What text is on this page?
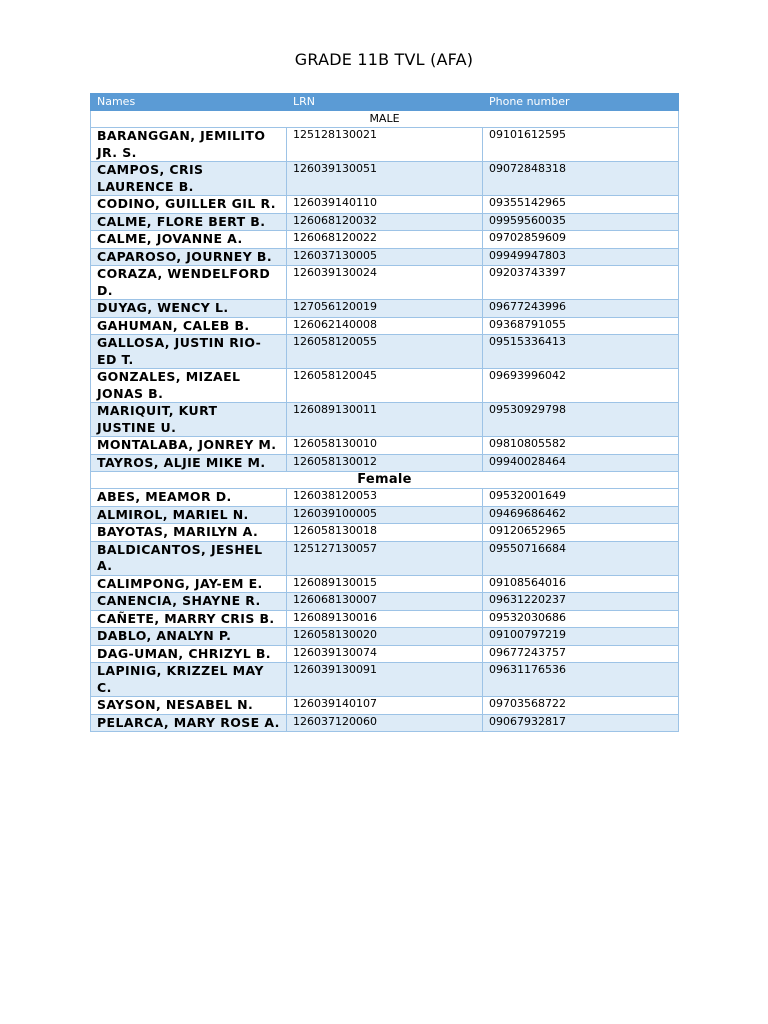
GRADE 11B TVL (AFA)
Names	LRN	Phone number
MALE		
BARANGGAN, JEMILITO JR. S.	125128130021	09101612595
CAMPOS, CRIS LAURENCE B.	126039130051	09072848318
CODINO, GUILLER GIL R.	126039140110	09355142965
CALME, FLORE BERT B.	126068120032	09959560035
CALME, JOVANNE A.	126068120022	09702859609
CAPAROSO, JOURNEY B.	126037130005	09949947803
CORAZA, WENDELFORD D.	126039130024	09203743397
DUYAG, WENCY L.	127056120019	09677243996
GAHUMAN, CALEB B.	126062140008	09368791055
GALLOSA, JUSTIN RIO-ED T.	126058120055	09515336413
GONZALES, MIZAEL JONAS B.	126058120045	09693996042
MARIQUIT, KURT JUSTINE U.	126089130011	09530929798
MONTALABA, JONREY M.	126058130010	09810805582
TAYROS, ALJIE MIKE M.	126058130012	09940028464
Female		
ABES, MEAMOR D.	126038120053	09532001649
ALMIROL, MARIEL N.	126039100005	09469686462
BAYOTAS, MARILYN A.	126058130018	09120652965
BALDICANTOS, JESHEL A.	125127130057	09550716684
CALIMPONG, JAY-EM E.	126089130015	09108564016
CANENCIA, SHAYNE R.	126068130007	09631220237
CAÑETE, MARRY CRIS B.	126089130016	09532030686
DABLO, ANALYN P.	126058130020	09100797219
DAG-UMAN, CHRIZYL B.	126039130074	09677243757
LAPINIG, KRIZZEL MAY C.	126039130091	09631176536
SAYSON, NESABEL N.	126039140107	09703568722
PELARCA, MARY ROSE A.	126037120060	09067932817
